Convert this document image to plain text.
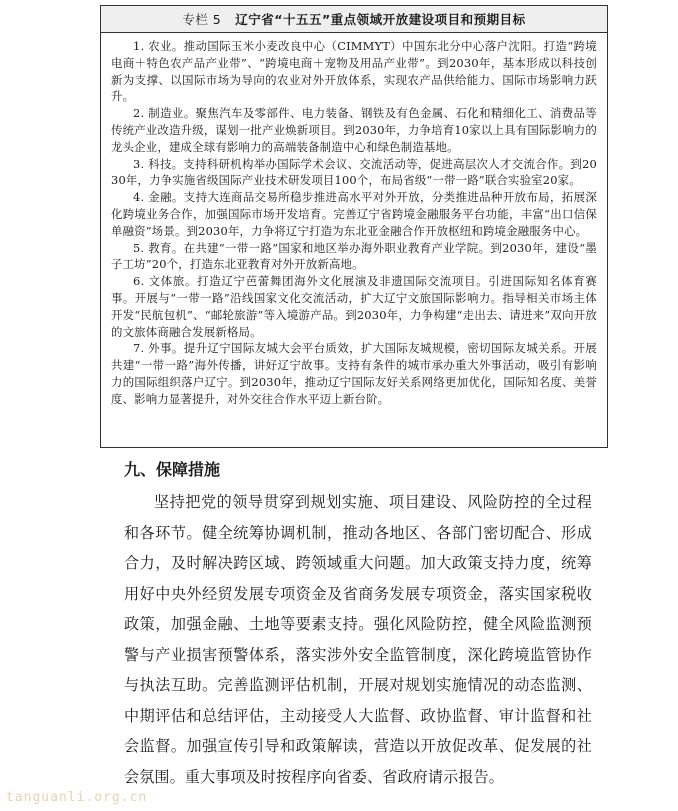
专栏 5 辽宁省“十五五”重点领域开放建设项目和预期目标

1. 农业。推动国际玉米小麦改良中心（CIMMYT）中国东北分中心落户沈阳。打造“跨境电商＋特色农产品产业带”、“跨境电商＋宠物及用品产业带”。到2030年，基本形成以科技创新为支撑、以国际市场为导向的农业对外开放体系，实现农产品供给能力、国际市场影响力跃升。

2. 制造业。聚焦汽车及零部件、电力装备、钢铁及有色金属、石化和精细化工、消费品等传统产业改造升级，谋划一批产业焕新项目。到2030年，力争培育10家以上具有国际影响力的龙头企业，建成全球有影响力的高端装备制造中心和绿色制造基地。

3. 科技。支持科研机构举办国际学术会议、交流活动等，促进高层次人才交流合作。到2030年，力争实施省级国际产业技术研发项目100个，布局省级“一带一路”联合实验室20家。

4. 金融。支持大连商品交易所稳步推进高水平对外开放，分类推进品种开放布局，拓展深化跨境业务合作，加强国际市场开发培育。完善辽宁省跨境金融服务平台功能，丰富“出口信保单融资”场景。到2030年，力争将辽宁打造为东北亚金融合作开放枢纽和跨境金融服务中心。

5. 教育。在共建“一带一路”国家和地区举办海外职业教育产业学院。到2030年，建设“墨子工坊”20个，打造东北亚教育对外开放新高地。

6. 文体旅。打造辽宁芭蕾舞团海外文化展演及非遗国际交流项目。引进国际知名体育赛事。开展与“一带一路”沿线国家文化交流活动，扩大辽宁文旅国际影响力。指导相关市场主体开发“民航包机”、“邮轮旅游”等入境游产品。到2030年，力争构建“走出去、请进来”双向开放的文旅体商融合发展新格局。

7. 外事。提升辽宁国际友城大会平台质效，扩大国际友城规模，密切国际友城关系。开展共建“一带一路”海外传播，讲好辽宁故事。支持有条件的城市承办重大外事活动，吸引有影响力的国际组织落户辽宁。到2030年，推动辽宁国际友好关系网络更加优化，国际知名度、美誉度、影响力显著提升，对外交往合作水平迈上新台阶。

九、保障措施

坚持把党的领导贯穿到规划实施、项目建设、风险防控的全过程和各环节。健全统筹协调机制，推动各地区、各部门密切配合、形成合力，及时解决跨区域、跨领域重大问题。加大政策支持力度，统筹用好中央外经贸发展专项资金及省商务发展专项资金，落实国家税收政策，加强金融、土地等要素支持。强化风险防控，健全风险监测预警与产业损害预警体系，落实涉外安全监管制度，深化跨境监管协作与执法互助。完善监测评估机制，开展对规划实施情况的动态监测、中期评估和总结评估，主动接受人大监督、政协监督、审计监督和社会监督。加强宣传引导和政策解读，营造以开放促改革、促发展的社会氛围。重大事项及时按程序向省委、省政府请示报告。

tanguanli.org.cn
